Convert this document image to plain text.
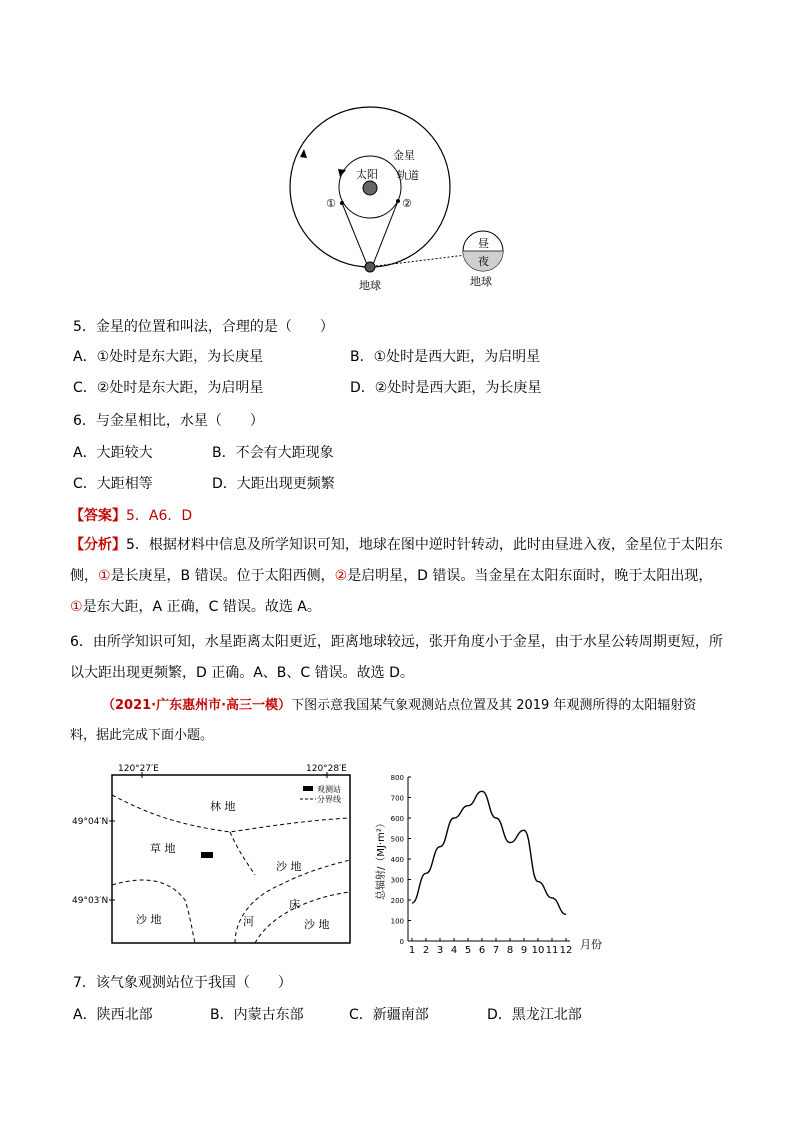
金星
轨道
太阳
①	②
地球
昼
夜
地球
5．金星的位置和叫法，合理的是（　　）
A．①处时是东大距，为长庚星	B．①处时是西大距，为启明星
C．②处时是东大距，为启明星	D．②处时是西大距，为长庚星
6．与金星相比，水星（　　）
A．大距较大	B．不会有大距现象
C．大距相等	D．大距出现更频繁
【答案】5．A6．D
【分析】5．根据材料中信息及所学知识可知，地球在图中逆时针转动，此时由昼进入夜，金星位于太阳东侧，①是长庚星，B 错误。位于太阳西侧，②是启明星，D 错误。当金星在太阳东面时，晚于太阳出现，①是东大距，A 正确，C 错误。故选 A。
6．由所学知识可知，水星距离太阳更近，距离地球较远，张开角度小于金星，由于水星公转周期更短，所以大距出现更频繁，D 正确。A、B、C 错误。故选 D。
（2021·广东惠州市·高三一模）下图示意我国某气象观测站点位置及其 2019 年观测所得的太阳辐射资
料，据此完成下面小题。
120°27′E	120°28′E
49°04′N
49°03′N
观测站
分界线
林 地
草 地
沙 地
沙 地	沙 地
河
床
0
100
200
300
400
500
600
700
800
1 2 3 4 5 6 7 8 9 10 11 12
总辐射/（MJ·m²）
月份
7．该气象观测站位于我国（　　）
A．陕西北部	B．内蒙古东部	C．新疆南部	D．黑龙江北部
